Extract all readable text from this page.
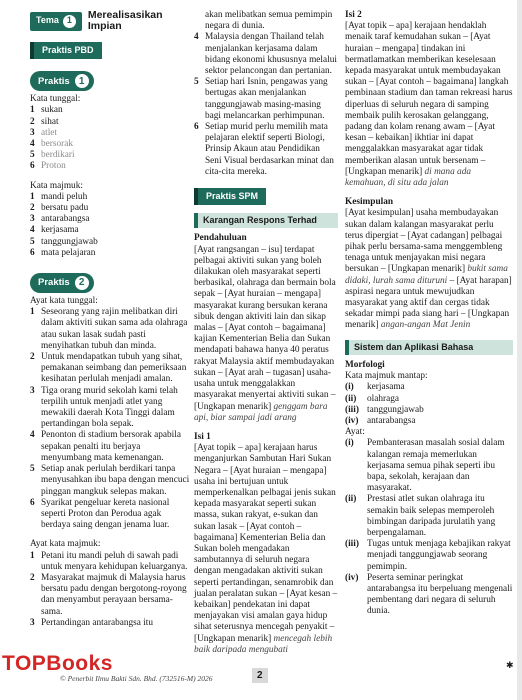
Tema 1	Merealisasikan Impian
Praktis PBD
Praktis 1

Kata tunggal:

1 sukan
2 sihat
3 atlet
4 bersorak
5 berdikari
6 Proton

Kata majmuk:

1 mandi peluh
2 bersatu padu
3 antarabangsa
4 kerjasama
5 tanggungjawab
6 mata pelajaran
Praktis 2

Ayat kata tunggal:

1 Seseorang yang rajin melibatkan diri dalam aktiviti sukan sama ada olahraga atau sukan lasak sudah pasti menyihatkan tubuh dan minda.
2 Untuk mendapatkan tubuh yang sihat, pemakanan seimbang dan pemeriksaan kesihatan perlulah menjadi amalan.
3 Tiga orang murid sekolah kami telah terpilih untuk menjadi atlet yang mewakili daerah Kota Tinggi dalam pertandingan bola sepak.
4 Penonton di stadium bersorak apabila sepakan penalti itu berjaya menyumbang mata kemenangan.
5 Setiap anak perlulah berdikari tanpa menyusahkan ibu bapa dengan mencuci pinggan mangkuk selepas makan.
6 Syarikat pengeluar kereta nasional seperti Proton dan Perodua agak berdaya saing dengan jenama luar.

Ayat kata majmuk:

1 Petani itu mandi peluh di sawah padi untuk menyara kehidupan keluarganya.
2 Masyarakat majmuk di Malaysia harus bersatu padu dengan bergotong-royong dan menyambut perayaan bersama-sama.
3 Pertandingan antarabangsa itu
akan melibatkan semua pemimpin negara di dunia.
4 Malaysia dengan Thailand telah menjalankan kerjasama dalam bidang ekonomi khususnya melalui sektor pelancongan dan pertanian.
5 Setiap hari Isnin, pengawas yang bertugas akan menjalankan tanggungjawab masing-masing bagi melancarkan perhimpunan.
6 Setiap murid perlu memilih mata pelajaran elektif seperti Biologi, Prinsip Akaun atau Pendidikan Seni Visual berdasarkan minat dan cita-cita mereka.
Praktis SPM
Karangan Respons Terhad

Pendahuluan

[Ayat rangsangan – isu] terdapat pelbagai aktiviti sukan yang boleh dilakukan oleh masyarakat seperti berbasikal, olahraga dan bermain bola sepak – [Ayat huraian – mengapa] masyarakat kurang bersukan kerana sibuk dengan aktiviti lain dan sikap malas – [Ayat contoh – bagaimana] kajian Kementerian Belia dan Sukan mendapati bahawa hanya 40 peratus rakyat Malaysia aktif membudayakan sukan – [Ayat arah – tugasan] usaha-usaha untuk menggalakkan masyarakat menyertai aktiviti sukan – [Ungkapan menarik] genggam bara api, biar sampai jadi arang

Isi 1

[Ayat topik – apa] kerajaan harus menganjurkan Sambutan Hari Sukan Negara – [Ayat huraian – mengapa] usaha ini bertujuan untuk memperkenalkan pelbagai jenis sukan kepada masyarakat seperti sukan massa, sukan rakyat, e-sukan dan sukan lasak – [Ayat contoh – bagaimana] Kementerian Belia dan Sukan boleh mengadakan sambutannya di seluruh negara dengan mengadakan aktiviti sukan seperti pertandingan, senamrobik dan jualan peralatan sukan – [Ayat kesan – kebaikan] pendekatan ini dapat menjayakan visi amalan gaya hidup sihat seterusnya mencegah penyakit – [Ungkapan menarik] mencegah lebih baik daripada mengubati

Isi 2

[Ayat topik – apa] kerajaan hendaklah menaik taraf kemudahan sukan – [Ayat huraian – mengapa] tindakan ini bermatlamatkan memberikan keselesaan kepada masyarakat untuk membudayakan sukan – [Ayat contoh – bagaimana] langkah pembinaan stadium dan taman rekreasi harus diperluas di seluruh negara di samping membaik pulih kerosakan gelanggang, padang dan kolam renang awam – [Ayat kesan – kebaikan] ikhtiar ini dapat menggalakkan masyarakat agar tidak memberikan alasan untuk bersenam – [Ungkapan menarik] di mana ada kemahuan, di situ ada jalan

Kesimpulan

[Ayat kesimpulan] usaha membudayakan sukan dalam kalangan masyarakat perlu terus dipergiat – [Ayat cadangan] pelbagai pihak perlu bersama-sama menggembleng tenaga untuk menjayakan misi negara bersukan – [Ungkapan menarik] bukit sama didaki, lurah sama dituruni – [Ayat harapan] aspirasi negara untuk mewujudkan masyarakat yang aktif dan cergas tidak sekadar mimpi pada siang hari – [Ungkapan menarik] angan-angan Mat Jenin

Sistem dan Aplikasi Bahasa

Morfologi

Kata majmuk mantap:

(i)	kerjasama
(ii)	olahraga
(iii) tanggungjawab
(iv) antarabangsa

Ayat:

(i)	Pembanterasan masalah sosial dalam kalangan remaja memerlukan kerjasama semua pihak seperti ibu bapa, sekolah, kerajaan dan masyarakat.
(ii)	Prestasi atlet sukan olahraga itu semakin baik selepas memperoleh bimbingan daripada jurulatih yang berpengalaman.
(iii) Tugas untuk menjaga kebajikan rakyat menjadi tanggungjawab seorang pemimpin.
(iv) Peserta seminar peringkat antarabangsa itu berpeluang mengenali pembentang dari negara di seluruh dunia.
TOPBooks
© Penerbit Ilmu Bakti Sdn. Bhd. (732516-M) 2026	2
✱
